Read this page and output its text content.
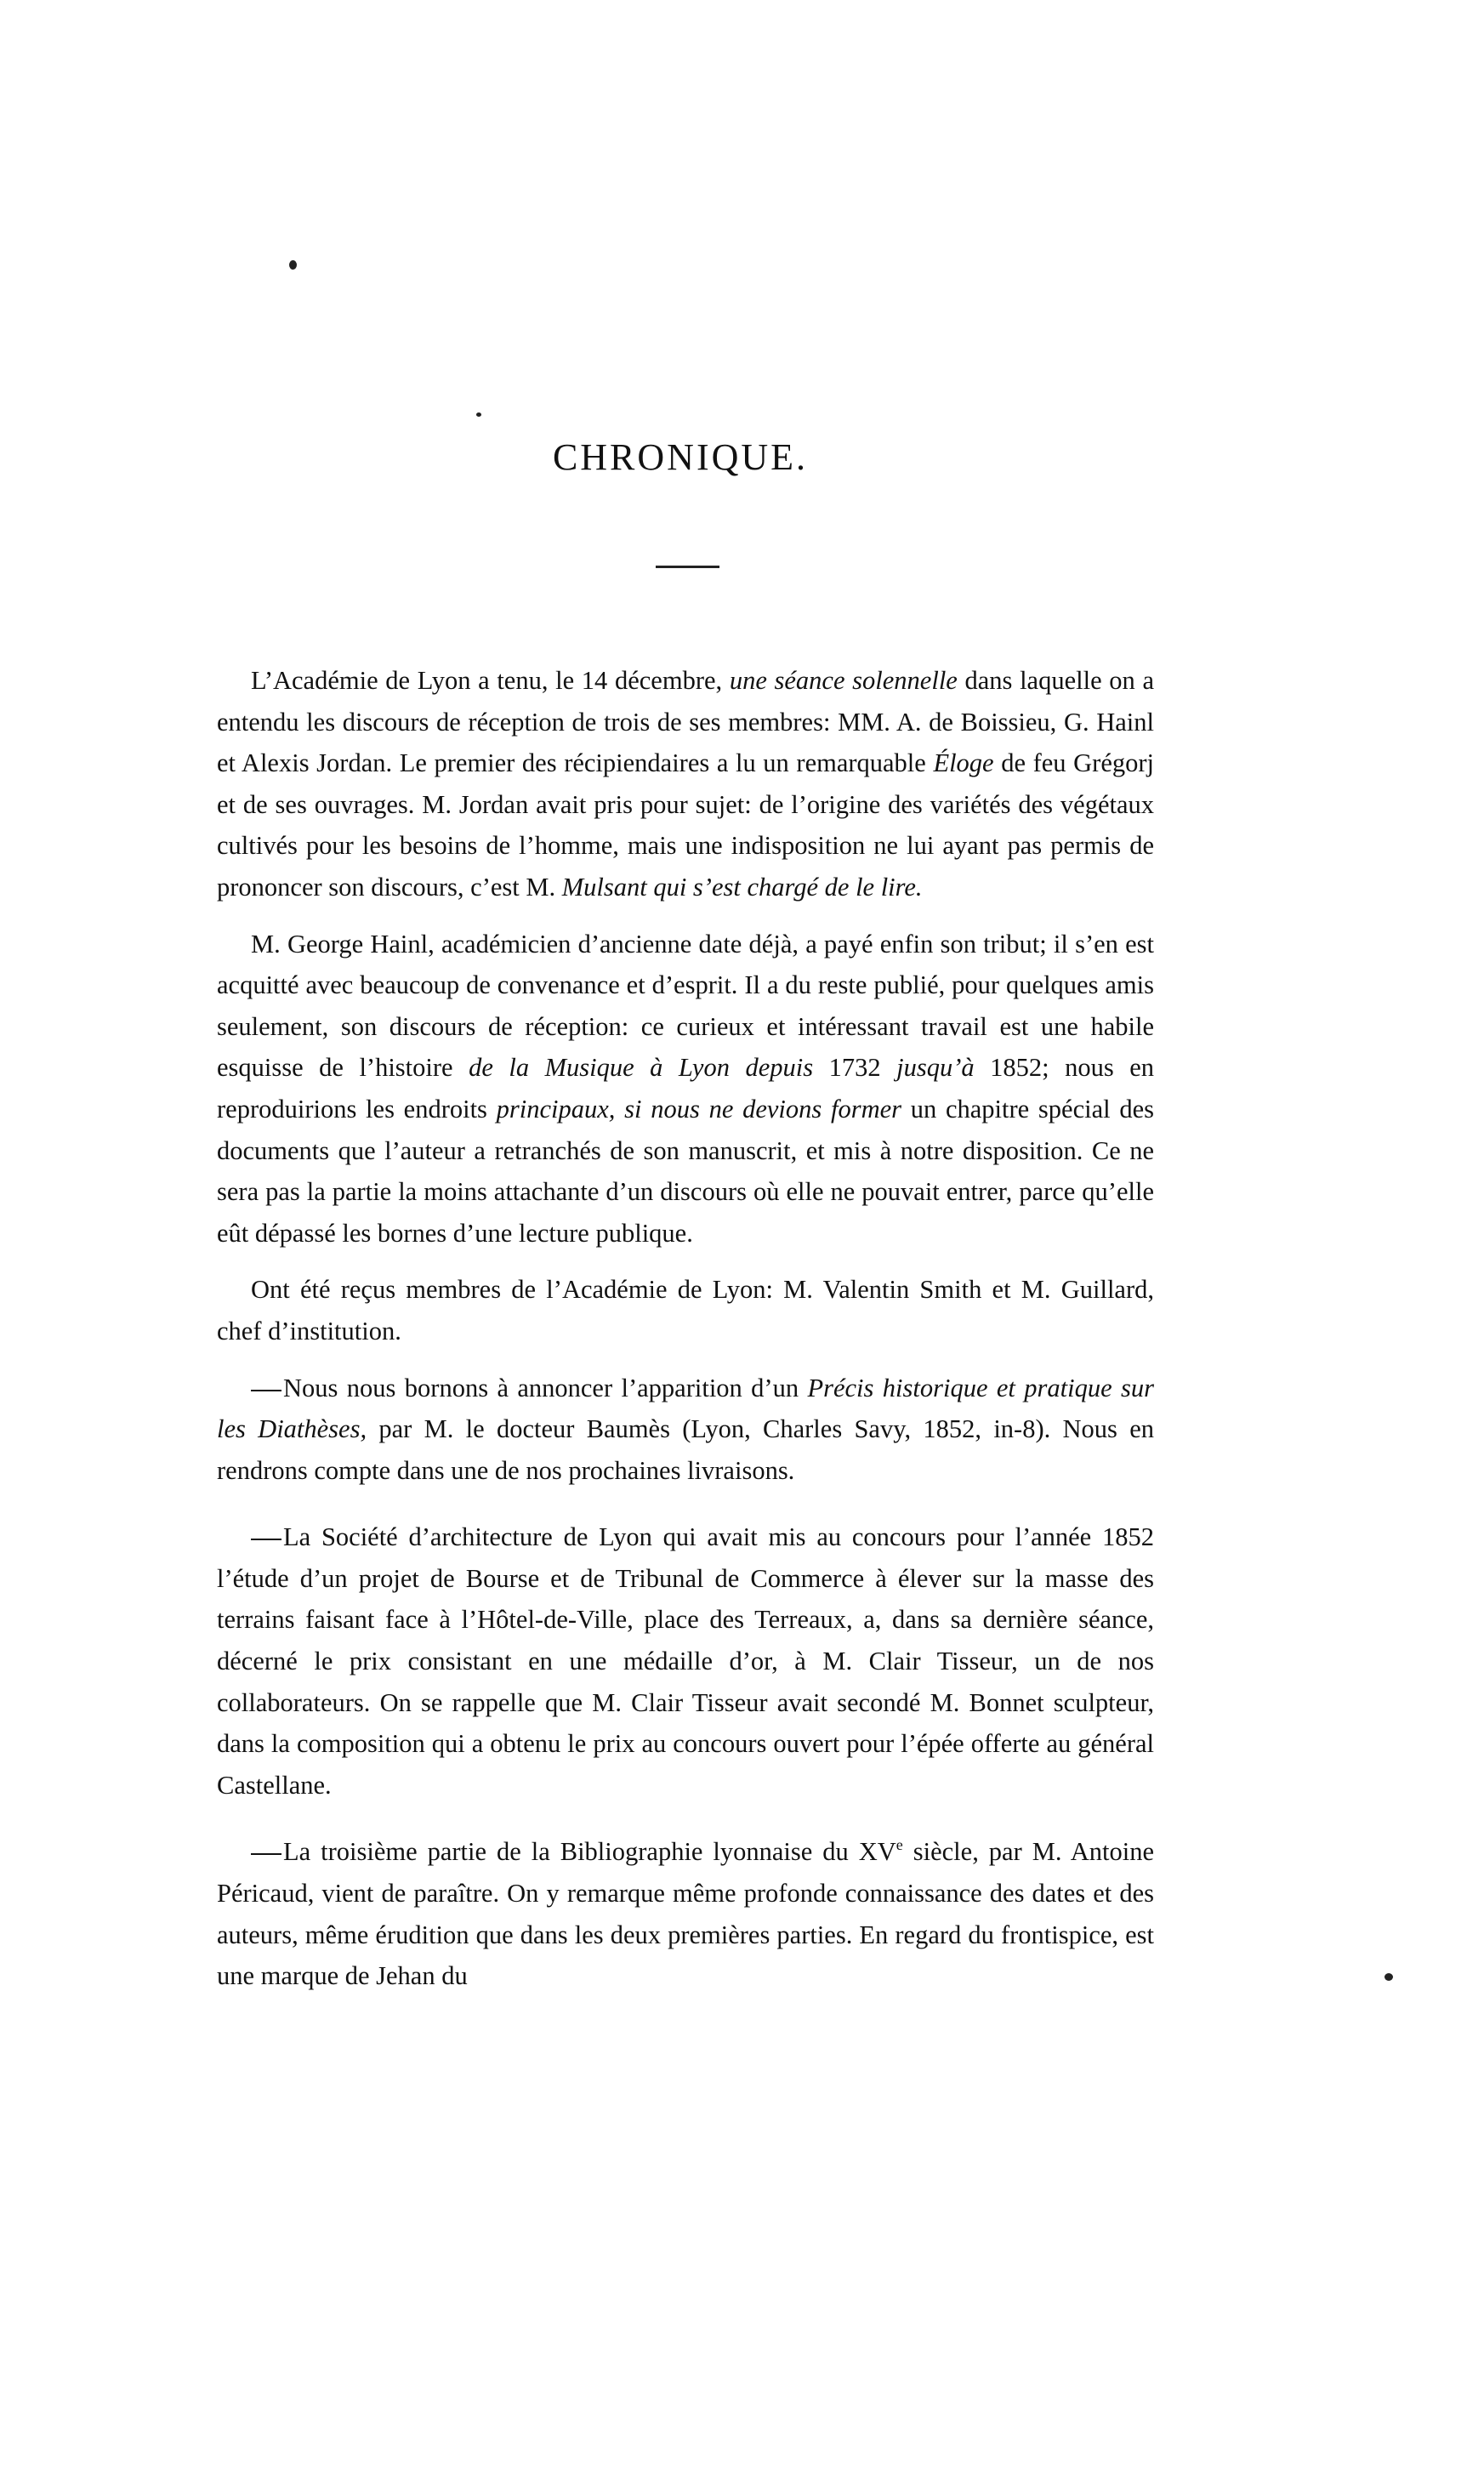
CHRONIQUE.

L’Académie de Lyon a tenu, le 14 décembre, une séance solennelle dans laquelle on a entendu les discours de réception de trois de ses membres: MM. A. de Boissieu, G. Hainl et Alexis Jordan. Le premier des récipiendaires a lu un remarquable Éloge de feu Grégorj et de ses ouvrages. M. Jordan avait pris pour sujet: de l’origine des variétés des végétaux cultivés pour les besoins de l’homme, mais une indisposition ne lui ayant pas permis de prononcer son discours, c’est M. Mulsant qui s’est chargé de le lire.

M. George Hainl, académicien d’ancienne date déjà, a payé enfin son tribut; il s’en est acquitté avec beaucoup de convenance et d’esprit. Il a du reste publié, pour quelques amis seulement, son discours de réception: ce curieux et intéressant travail est une habile esquisse de l’histoire de la Musique à Lyon depuis 1732 jusqu’à 1852; nous en reproduirions les endroits principaux, si nous ne devions former un chapitre spécial des documents que l’auteur a retranchés de son manuscrit, et mis à notre disposition. Ce ne sera pas la partie la moins attachante d’un discours où elle ne pouvait entrer, parce qu’elle eût dépassé les bornes d’une lecture publique.

Ont été reçus membres de l’Académie de Lyon: M. Valentin Smith et M. Guillard, chef d’institution.

Nous nous bornons à annoncer l’apparition d’un Précis historique et pratique sur les Diathèses, par M. le docteur Baumès (Lyon, Charles Savy, 1852, in-8). Nous en rendrons compte dans une de nos prochaines livraisons.

La Société d’architecture de Lyon qui avait mis au concours pour l’année 1852 l’étude d’un projet de Bourse et de Tribunal de Commerce à élever sur la masse des terrains faisant face à l’Hôtel-de-Ville, place des Terreaux, a, dans sa dernière séance, décerné le prix consistant en une médaille d’or, à M. Clair Tisseur, un de nos collaborateurs. On se rappelle que M. Clair Tisseur avait secondé M. Bonnet sculpteur, dans la composition qui a obtenu le prix au concours ouvert pour l’épée offerte au général Castellane.

La troisième partie de la Bibliographie lyonnaise du XVe siècle, par M. Antoine Péricaud, vient de paraître. On y remarque même profonde connaissance des dates et des auteurs, même érudition que dans les deux premières parties. En regard du frontispice, est une marque de Jehan du
